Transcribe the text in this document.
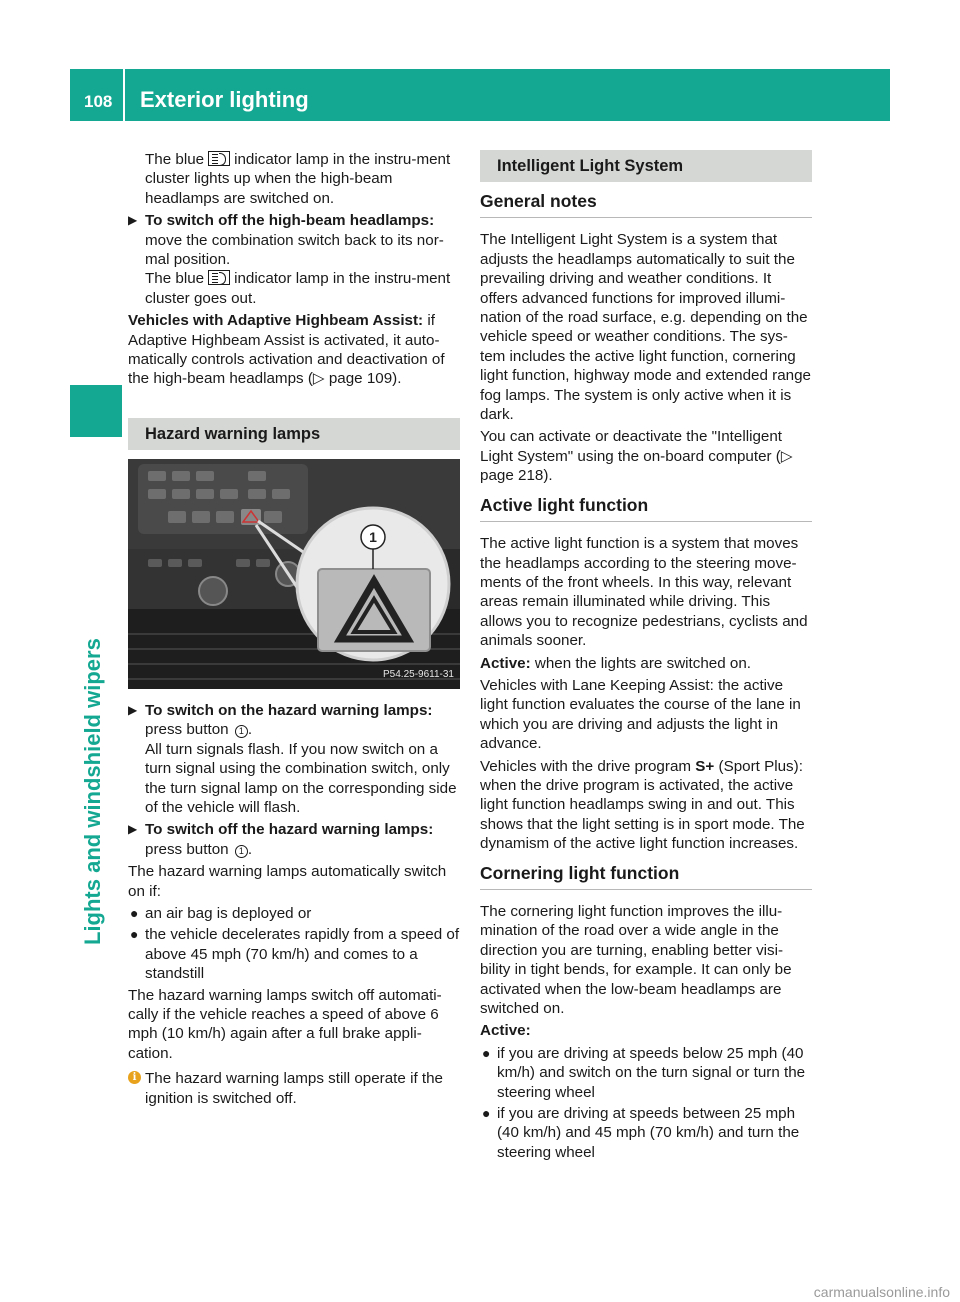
108 Exterior lighting
Lights and windshield wipers

The blue indicator lamp in the instru-ment cluster lights up when the high-beam headlamps are switched on.

▶ To switch off the high-beam headlamps:
move the combination switch back to its nor-mal position.
The blue indicator lamp in the instru-ment cluster goes out.

Vehicles with Adaptive Highbeam Assist: if Adaptive Highbeam Assist is activated, it auto-matically controls activation and deactivation of the high-beam headlamps (▷ page 109).

Hazard warning lamps
1
P54.25-9611-31
▶ To switch on the hazard warning lamps:
press button 1 .
All turn signals flash. If you now switch on a turn signal using the combination switch, only the turn signal lamp on the corresponding side of the vehicle will flash.
▶ To switch off the hazard warning lamps:
press button 1 .

The hazard warning lamps automatically switch on if:

● an air bag is deployed or
● the vehicle decelerates rapidly from a speed of above 45 mph (70 km/h) and comes to a standstill

The hazard warning lamps switch off automati-cally if the vehicle reaches a speed of above 6 mph (10 km/h) again after a full brake appli-cation.

i The hazard warning lamps still operate if the ignition is switched off.
Intelligent Light System
General notes

The Intelligent Light System is a system that adjusts the headlamps automatically to suit the prevailing driving and weather conditions. It offers advanced functions for improved illumi-nation of the road surface, e.g. depending on the vehicle speed or weather conditions. The sys-tem includes the active light function, cornering light function, highway mode and extended range fog lamps. The system is only active when it is dark.

You can activate or deactivate the "Intelligent Light System" using the on-board computer (▷ page 218).

Active light function

The active light function is a system that moves the headlamps according to the steering move-ments of the front wheels. In this way, relevant areas remain illuminated while driving. This allows you to recognize pedestrians, cyclists and animals sooner.

Active: when the lights are switched on.

Vehicles with Lane Keeping Assist: the active light function evaluates the course of the lane in which you are driving and adjusts the light in advance.

Vehicles with the drive program S+ (Sport Plus): when the drive program is activated, the active light function headlamps swing in and out. This shows that the light setting is in sport mode. The dynamism of the active light function increases.

Cornering light function

The cornering light function improves the illu-mination of the road over a wide angle in the direction you are turning, enabling better visi-bility in tight bends, for example. It can only be activated when the low-beam headlamps are switched on.

Active:

● if you are driving at speeds below 25 mph (40 km/h) and switch on the turn signal or turn the steering wheel
● if you are driving at speeds between 25 mph (40 km/h) and 45 mph (70 km/h) and turn the steering wheel
carmanualsonline.info
